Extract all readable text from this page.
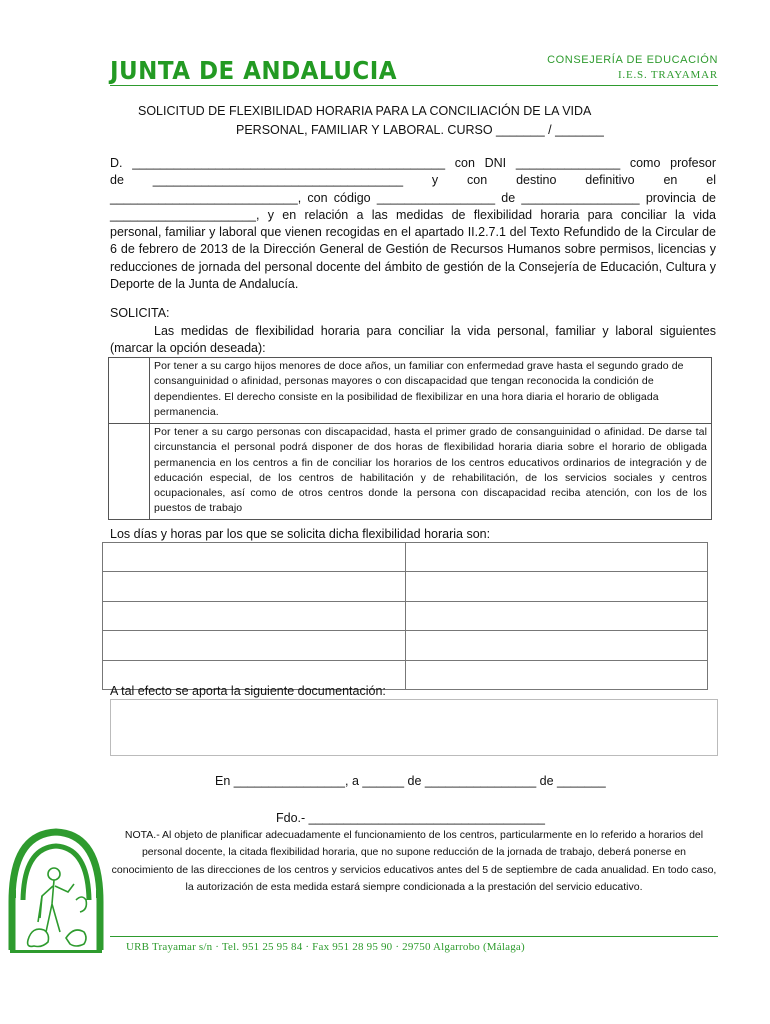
JUNTA DE ANDALUCIA	CONSEJERÍA DE EDUCACIÓN
I.E.S. TRAYAMAR
SOLICITUD DE FLEXIBILIDAD HORARIA PARA LA CONCILIACIÓN DE LA VIDA
PERSONAL, FAMILIAR Y LABORAL. CURSO _______ / _______
D. _____________________________________________ con DNI _______________ como profesor
de ____________________________________ y con destino definitivo en el
___________________________, con código _________________ de _________________ provincia de
_____________________, y en relación a las medidas de flexibilidad horaria para conciliar la vida
personal, familiar y laboral que vienen recogidas en el apartado II.2.7.1 del Texto Refundido de la Circular de 6 de febrero de 2013 de la Dirección General de Gestión de Recursos Humanos sobre permisos, licencias y reducciones de jornada del personal docente del ámbito de gestión de la Consejería de Educación, Cultura y Deporte de la Junta de Andalucía.
SOLICITA:
Las medidas de flexibilidad horaria para conciliar la vida personal, familiar y laboral siguientes (marcar la opción deseada):
	Por tener a su cargo hijos menores de doce años, un familiar con enfermedad grave hasta el segundo grado de consanguinidad o afinidad, personas mayores o con discapacidad que tengan reconocida la condición de dependientes. El derecho consiste en la posibilidad de flexibilizar en una hora diaria el horario de obligada permanencia.
	Por tener a su cargo personas con discapacidad, hasta el primer grado de consanguinidad o afinidad. De darse tal circunstancia el personal podrá disponer de dos horas de flexibilidad horaria diaria sobre el horario de obligada permanencia en los centros a fin de conciliar los horarios de los centros educativos ordinarios de integración y de educación especial, de los centros de habilitación y de rehabilitación, de los servicios sociales y centros ocupacionales, así como de otros centros donde la persona con discapacidad reciba atención, con los de los puestos de trabajo
Los días y horas par los que se solicita dicha flexibilidad horaria son:

A tal efecto se aporta la siguiente documentación:
En ________________, a ______ de ________________ de _______
Fdo.- __________________________________
NOTA.- Al objeto de planificar adecuadamente el funcionamiento de los centros, particularmente en lo referido a horarios del personal docente, la citada flexibilidad horaria, que no supone reducción de la jornada de trabajo, deberá ponerse en conocimiento de las direcciones de los centros y servicios educativos antes del 5 de septiembre de cada anualidad. En todo caso, la autorización de esta medida estará siempre condicionada a la prestación del servicio educativo.
URB Trayamar s/n · Tel. 951 25 95 84 · Fax 951 28 95 90 · 29750 Algarrobo (Málaga)
